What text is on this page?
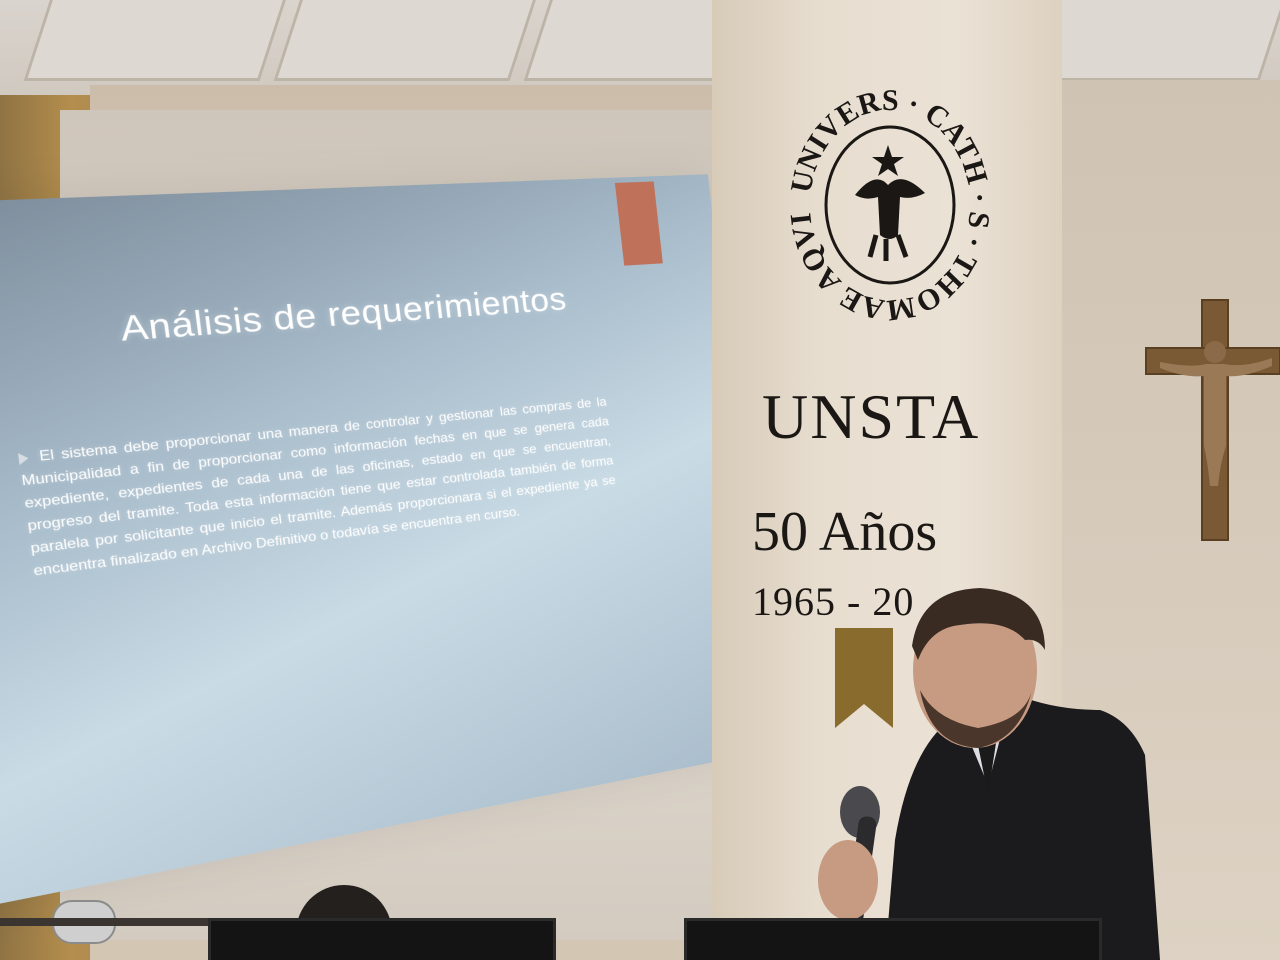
Análisis de requerimientos
El sistema debe proporcionar una manera de controlar y gestionar las compras de la Municipalidad a fin de proporcionar como información fechas en que se genera cada expediente, expedientes de cada una de las oficinas, estado en que se encuentran, progreso del tramite. Toda esta información tiene que estar controlada también de forma paralela por solicitante que inicio el tramite. Además proporcionara si el expediente ya se encuentra finalizado en Archivo Definitivo o todavía se encuentra en curso.
UNIVERS · CATH · S · THOMAE AQVI
UNSTA
50 Años
1965 - 20
